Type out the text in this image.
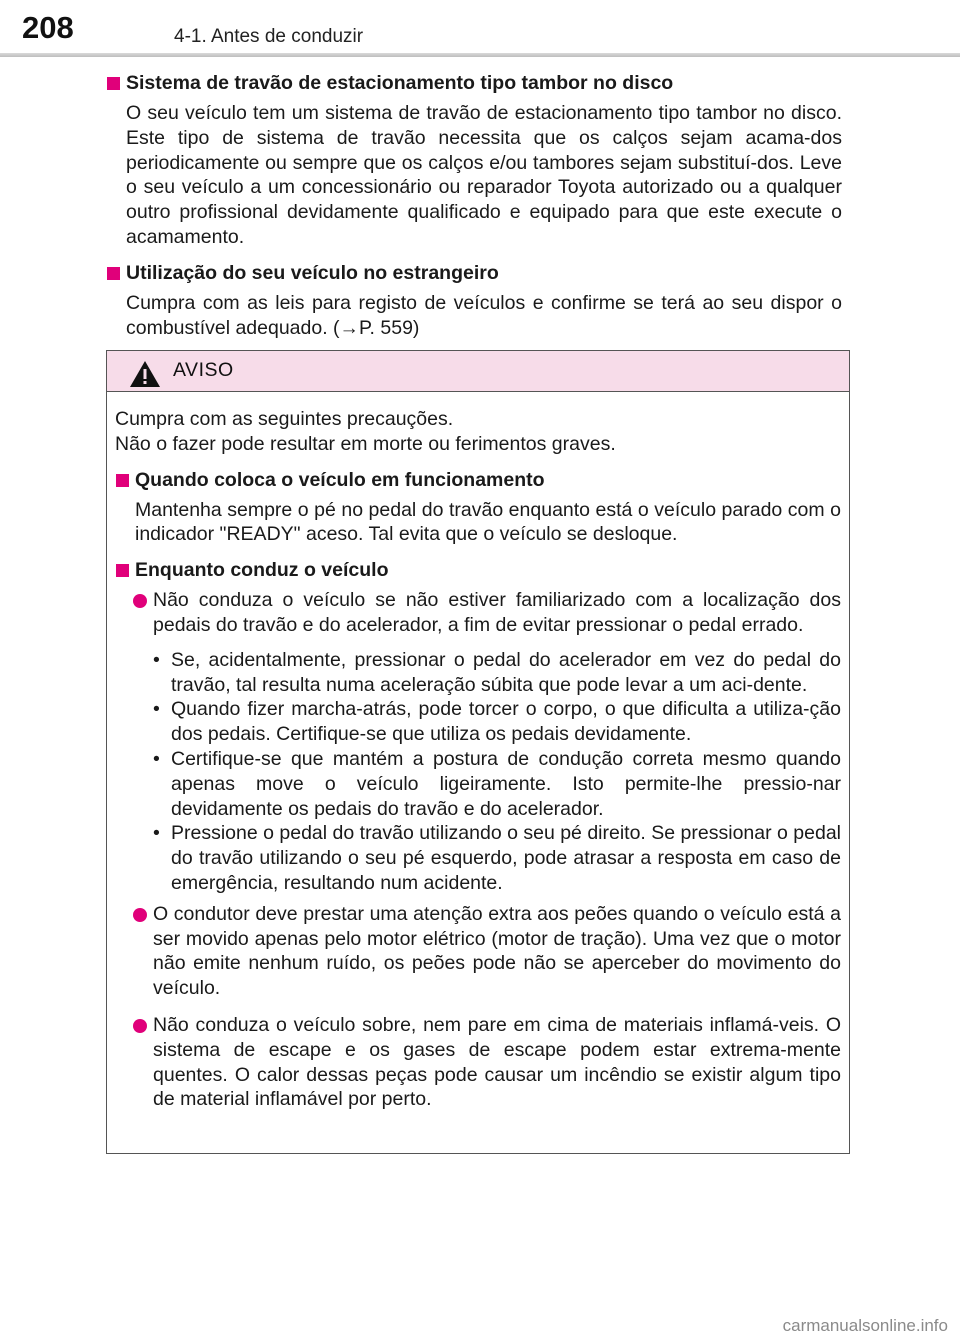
208	4-1. Antes de conduzir
Sistema de travão de estacionamento tipo tambor no disco

O seu veículo tem um sistema de travão de estacionamento tipo tambor no disco. Este tipo de sistema de travão necessita que os calços sejam acama-dos periodicamente ou sempre que os calços e/ou tambores sejam substituí-dos. Leve o seu veículo a um concessionário ou reparador Toyota autorizado ou a qualquer outro profissional devidamente qualificado e equipado para que este execute o acamamento.

Utilização do seu veículo no estrangeiro

Cumpra com as leis para registo de veículos e confirme se terá ao seu dispor o combustível adequado. (→P. 559)

AVISO

Cumpra com as seguintes precauções.
Não o fazer pode resultar em morte ou ferimentos graves.

Quando coloca o veículo em funcionamento

Mantenha sempre o pé no pedal do travão enquanto está o veículo parado com o indicador "READY" aceso. Tal evita que o veículo se desloque.

Enquanto conduz o veículo
Não conduza o veículo se não estiver familiarizado com a localização dos pedais do travão e do acelerador, a fim de evitar pressionar o pedal errado.
• Se, acidentalmente, pressionar o pedal do acelerador em vez do pedal do travão, tal resulta numa aceleração súbita que pode levar a um aci-dente.
• Quando fizer marcha-atrás, pode torcer o corpo, o que dificulta a utiliza-ção dos pedais. Certifique-se que utiliza os pedais devidamente.
• Certifique-se que mantém a postura de condução correta mesmo quando apenas move o veículo ligeiramente. Isto permite-lhe pressio-nar devidamente os pedais do travão e do acelerador.
• Pressione o pedal do travão utilizando o seu pé direito. Se pressionar o pedal do travão utilizando o seu pé esquerdo, pode atrasar a resposta em caso de emergência, resultando num acidente.
O condutor deve prestar uma atenção extra aos peões quando o veículo está a ser movido apenas pelo motor elétrico (motor de tração). Uma vez que o motor não emite nenhum ruído, os peões pode não se aperceber do movimento do veículo.
Não conduza o veículo sobre, nem pare em cima de materiais inflamá-veis. O sistema de escape e os gases de escape podem estar extrema-mente quentes. O calor dessas peças pode causar um incêndio se existir algum tipo de material inflamável por perto.
carmanualsonline.info
